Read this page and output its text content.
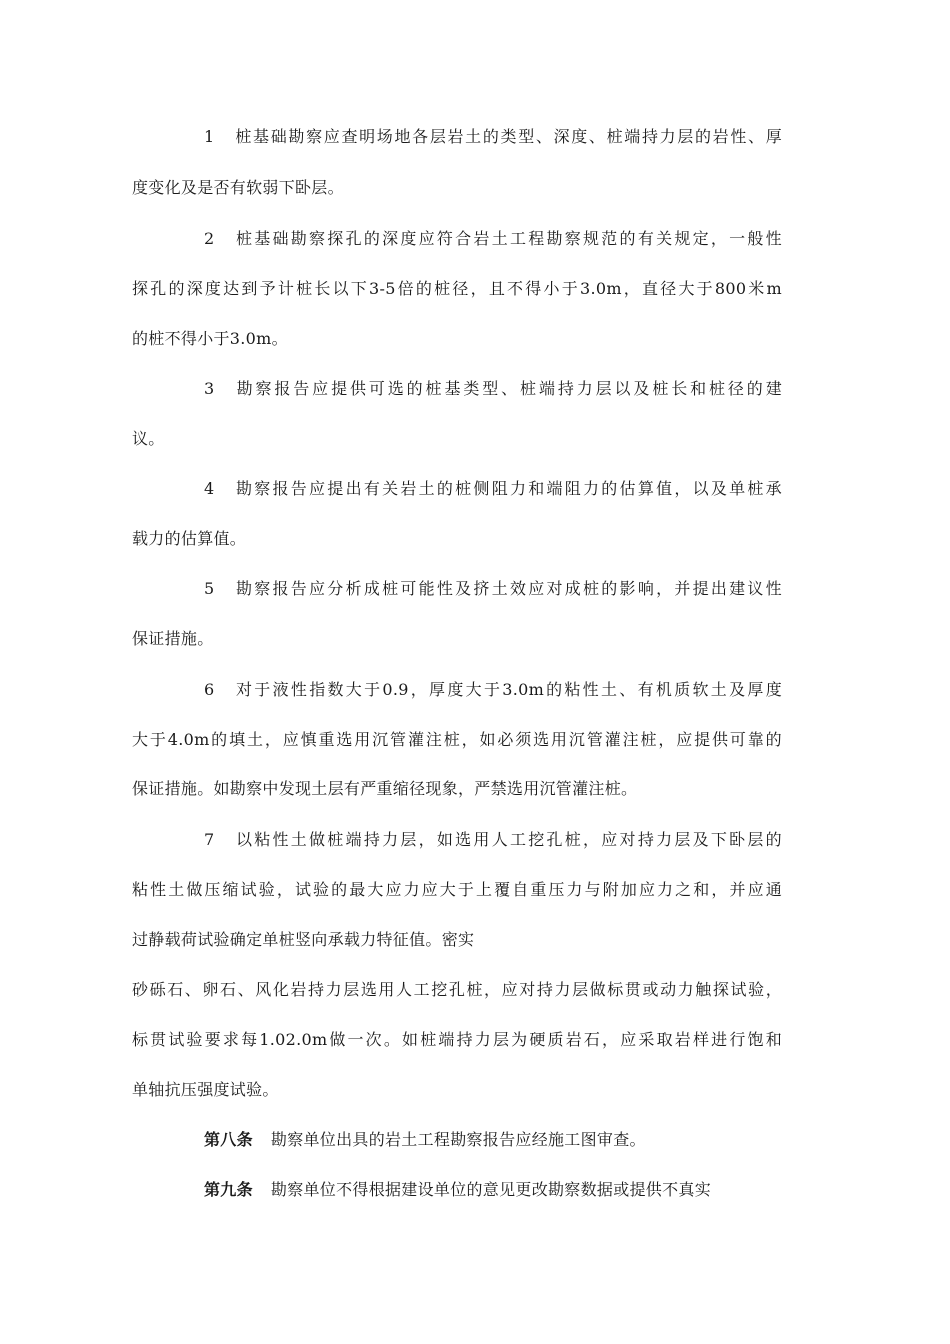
1 桩基础勘察应查明场地各层岩土的类型、深度、桩端持力层的岩性、厚
度变化及是否有软弱下卧层。
2 桩基础勘察探孔的深度应符合岩土工程勘察规范的有关规定，一般性
探孔的深度达到予计桩长以下3-5倍的桩径，且不得小于3.0m，直径大于800米m
的桩不得小于3.0m。
3 勘察报告应提供可选的桩基类型、桩端持力层以及桩长和桩径的建
议。
4 勘察报告应提出有关岩土的桩侧阻力和端阻力的估算值，以及单桩承
载力的估算值。
5 勘察报告应分析成桩可能性及挤土效应对成桩的影响，并提出建议性
保证措施。
6 对于液性指数大于0.9，厚度大于3.0m的粘性土、有机质软土及厚度
大于4.0m的填土，应慎重选用沉管灌注桩，如必须选用沉管灌注桩，应提供可靠的
保证措施。如勘察中发现土层有严重缩径现象，严禁选用沉管灌注桩。
7 以粘性土做桩端持力层，如选用人工挖孔桩，应对持力层及下卧层的
粘性土做压缩试验，试验的最大应力应大于上覆自重压力与附加应力之和，并应通
过静载荷试验确定单桩竖向承载力特征值。密实
砂砾石、卵石、风化岩持力层选用人工挖孔桩，应对持力层做标贯或动力触探试验，
标贯试验要求每1.02.0m做一次。如桩端持力层为硬质岩石，应采取岩样进行饱和
单轴抗压强度试验。
第八条 勘察单位出具的岩土工程勘察报告应经施工图审查。
第九条 勘察单位不得根据建设单位的意见更改勘察数据或提供不真实
